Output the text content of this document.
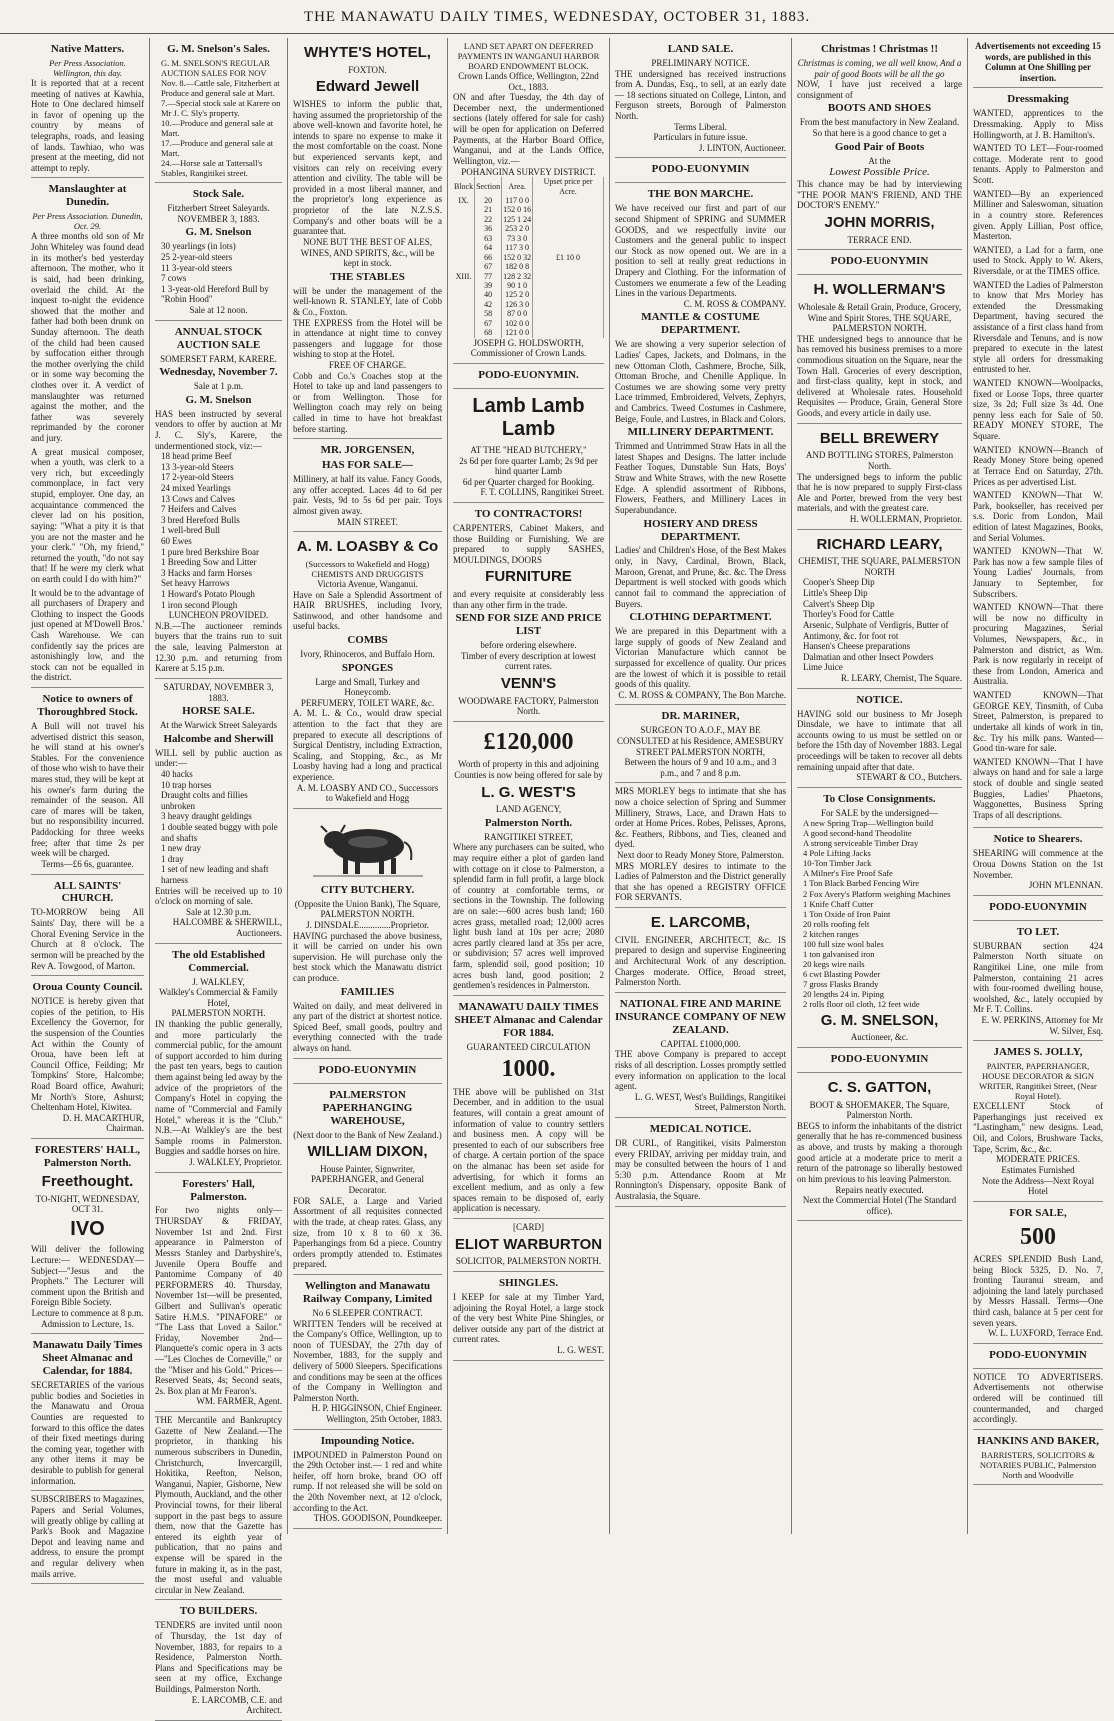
THE MANAWATU DAILY TIMES, WEDNESDAY, OCTOBER 31, 1883.
Native Matters.
Per Press Association. Wellington, this day.
It is reported that at a recent meeting of natives at Kawhia, Hote to One declared himself in favor of opening up the country by means of telegraphs, roads, and leasing of lands. Tawhiao, who was present at the meeting, did not attempt to reply.
Manslaughter at Dunedin.
Per Press Association. Dunedin, Oct. 29.
A three months old son of Mr John Whiteley was found dead in its mother's bed yesterday afternoon. The mother, who it is said, had been drinking, overlaid the child. At the inquest to-night the evidence showed that the mother and father had both been drunk on Sunday afternoon. The death of the child had been caused by suffocation either through the mother overlying the child or in some way becoming the clothes over it. A verdict of manslaughter was returned against the mother, and the father was severely reprimanded by the coroner and jury.
A great musical composer, when a youth, was clerk to a very rich, but exceedingly commonplace, in fact very stupid, employer. One day, an acquaintance commenced the clever lad on his position, saying: "What a pity it is that you are not the master and he your clerk." "Oh, my friend," returned the youth, "do not say that! If he were my clerk what on earth could I do with him?"
It would be to the advantage of all purchasers of Drapery and Clothing to inspect the Goods just opened at M'Dowell Bros.' Cash Warehouse. We can confidently say the prices are astonishingly low, and the stock can not be equalled in the district.
Notice to owners of Thoroughbred Stock.
A Bull will not travel his advertised district this season, he will stand at his owner's Stables. For the convenience of those who wish to have their mares stud, they will be kept at his owner's farm during the remainder of the season. All care of mares will be taken, but no responsibility incurred. Paddocking for three weeks free; after that time 2s per week will be charged.
Terms—£6 6s, guarantee.
ALL SAINTS' CHURCH.
TO-MORROW being All Saints' Day, there will be a Choral Evening Service in the Church at 8 o'clock. The sermon will be preached by the Rev A. Towgood, of Marton.
Oroua County Council.
NOTICE is hereby given that copies of the petition, to His Excellency the Governor, for the suspension of the Counties Act within the County of Oroua, have been left at Council Office, Feilding; Mr Tompkins' Store, Halcombe; Road Board office, Awahuri; Mr North's Store, Ashurst; Cheltenham Hotel, Kiwitea.
D. H. MACARTHUR, Chairman.
FORESTERS' HALL, Palmerston North.
Freethought.
TO-NIGHT, WEDNESDAY, OCT 31.
IVO
Will deliver the following Lecture:— WEDNESDAY—Subject—"Jesus and the Prophets." The Lecturer will comment upon the British and Foreign Bible Society.
Lecture to commence at 8 p.m.
Admission to Lecture, 1s.
Manawatu Daily Times Sheet Almanac and Calendar, for 1884.
SECRETARIES of the various public bodies and Societies in the Manawatu and Oroua Counties are requested to forward to this office the dates of their fixed meetings during the coming year, together with any other items it may be desirable to publish for general information.
SUBSCRIBERS to Magazines, Papers and Serial Volumes, will greatly oblige by calling at Park's Book and Magazine Depot and leaving name and address, to ensure the prompt and regular delivery when mails arrive.
G. M. Snelson's Sales.
G. M. SNELSON'S REGULAR AUCTION SALES FOR NOV
Nov. 8.—Cattle sale, Fitzherbert at Produce and general sale at Mart.
7.—Special stock sale at Karere on Mr J. C. Sly's property.
10.—Produce and general sale at Mart.
17.—Produce and general sale at Mart.
24.—Horse sale at Tattersall's Stables, Rangitikei street.
Stock Sale.
Fitzherbert Street Saleyards.
NOVEMBER 3, 1883.
G. M. Snelson
30 yearlings (in lots)
25 2-year-old steers
11 3-year-old steers
7 cows
1 3-year-old Hereford Bull by "Robin Hood"
Sale at 12 noon.
ANNUAL STOCK AUCTION SALE
SOMERSET FARM, KARERE.
Wednesday, November 7.
Sale at 1 p.m.
G. M. Snelson
HAS been instructed by several vendors to offer by auction at Mr J. C. Sly's, Karere, the undermentioned stock, viz:—
18 head prime Beef
13 3-year-old Steers
17 2-year-old Steers
24 mixed Yearlings
13 Cows and Calves
7 Heifers and Calves
3 bred Hereford Bulls
1 well-bred Bull
60 Ewes
1 pure bred Berkshire Boar
1 Breeding Sow and Litter
3 Hacks and farm Horses
Set heavy Harrows
1 Howard's Potato Plough
1 iron second Plough
LUNCHEON PROVIDED.
N.B.—The auctioneer reminds buyers that the trains run to suit the sale, leaving Palmerston at 12.30 p.m. and returning from Karere at 5.15 p.m.
SATURDAY, NOVEMBER 3, 1883.
HORSE SALE.
At the Warwick Street Saleyards
Halcombe and Sherwill
WILL sell by public auction as under:—
40 hacks
10 trap horses
Draught colts and fillies unbroken
3 heavy draught geldings
1 double seated buggy with pole and shafts
1 new dray
1 dray
1 set of new leading and shaft harness
Entries will be received up to 10 o'clock on morning of sale.
Sale at 12.30 p.m.
HALCOMBE & SHERWILL, Auctioneers.
The old Established Commercial.
J. WALKLEY,
Walkley's Commercial & Family Hotel,
PALMERSTON NORTH.
IN thanking the public generally, and more particularly the commercial public, for the amount of support accorded to him during the past ten years, begs to caution them against being led away by the advice of the proprietors of the Company's Hotel in copying the name of "Commercial and Family Hotel," whereas it is the "Club." N.B.—At Walkley's are the best Sample rooms in Palmerston. Buggies and saddle horses on hire.
J. WALKLEY, Proprietor.
Foresters' Hall, Palmerston.
For two nights only—THURSDAY & FRIDAY, November 1st and 2nd. First appearance in Palmerston of Messrs Stanley and Darbyshire's, Juvenile Opera Bouffe and Pantomime Company of 40 PERFORMERS 40. Thursday, November 1st—will be presented, Gilbert and Sullivan's operatic Satire H.M.S. "PINAFORE" or "The Lass that Loved a Sailor." Friday, November 2nd—Planquette's comic opera in 3 acts—"Les Cloches de Corneville," or the "Miser and his Gold." Prices—Reserved Seats, 4s; Second seats, 2s. Box plan at Mr Fearon's.
WM. FARMER, Agent.
THE Mercantile and Bankruptcy Gazette of New Zealand.—The proprietor, in thanking his numerous subscribers in Dunedin, Christchurch, Invercargill, Hokitika, Reefton, Nelson, Wanganui, Napier, Gisborne, New Plymouth, Auckland, and the other Provincial towns, for their liberal support in the past begs to assure them, now that the Gazette has entered its eighth year of publication, that no pains and expense will be spared in the future in making it, as in the past, the most useful and valuable circular in New Zealand.
TO BUILDERS.
TENDERS are invited until noon of Thursday, the 1st day of November, 1883, for repairs to a Residence, Palmerston North. Plans and Specifications may be seen at my office, Exchange Buildings, Palmerston North.
E. LARCOMB, C.E. and Architect.
WHYTE'S HOTEL,
FOXTON.
Edward Jewell
WISHES to inform the public that, having assumed the proprietorship of the above well-known and favorite hotel, he intends to spare no expense to make it the most comfortable on the coast. None but experienced servants kept, and visitors can rely on receiving every attention and civility. The table will be provided in a most liberal manner, and the proprietor's long experience as proprietor of the late N.Z.S.S. Company's and other boats will be a guarantee that.
NONE BUT THE BEST OF ALES, WINES, AND SPIRITS, &c., will be kept in stock.
THE STABLES
will be under the management of the well-known R. STANLEY, late of Cobb & Co., Foxton.
THE EXPRESS from the Hotel will be in attendance at night time to convey passengers and luggage for those wishing to stop at the Hotel.
FREE OF CHARGE.
Cobb and Co.'s Coaches stop at the Hotel to take up and land passengers to or from Wellington. Those for Wellington coach may rely on being called in time to have hot breakfast before starting.
MR. JORGENSEN,
HAS FOR SALE—
Millinery, at half its value. Fancy Goods, any offer accepted. Laces 4d to 6d per pair. Vests, 9d to 5s 6d per pair. Toys almost given away.
MAIN STREET.
A. M. LOASBY & Co
(Successors to Wakefield and Hogg) CHEMISTS AND DRUGGISTS
Victoria Avenue, Wanganui.
Have on Sale a Splendid Assortment of HAIR BRUSHES, including Ivory, Satinwood, and other handsome and useful backs.
COMBS
Ivory, Rhinoceros, and Buffalo Horn.
SPONGES
Large and Small, Turkey and Honeycomb.
PERFUMERY, TOILET WARE, &c.
A. M. L. & Co., would draw special attention to the fact that they are prepared to execute all descriptions of Surgical Dentistry, including Extraction, Scaling, and Stopping, &c., as Mr Loasby having had a long and practical experience.
A. M. LOASBY AND CO., Successors to Wakefield and Hogg
CITY BUTCHERY.
(Opposite the Union Bank), The Square, PALMERSTON NORTH.
J. DINSDALE..............Proprietor.
HAVING purchased the above business, it will be carried on under his own supervision. He will purchase only the best stock which the Manawatu district can produce.
FAMILIES
Waited on daily, and meat delivered in any part of the district at shortest notice. Spiced Beef, small goods, poultry and everything connected with the trade always on hand.
PODO-EUONYMIN
PALMERSTON PAPERHANGING WAREHOUSE,
(Next door to the Bank of New Zealand.)
WILLIAM DIXON,
House Painter, Signwriter, PAPERHANGER, and General Decorator.
FOR SALE, a Large and Varied Assortment of all requisites connected with the trade, at cheap rates. Glass, any size, from 10 x 8 to 60 x 36. Paperhangings from 6d a piece. Country orders promptly attended to. Estimates prepared.
Wellington and Manawatu Railway Company, Limited
No 6 SLEEPER CONTRACT.
WRITTEN Tenders will be received at the Company's Office, Wellington, up to noon of TUESDAY, the 27th day of November, 1883, for the supply and delivery of 5000 Sleepers. Specifications and conditions may be seen at the offices of the Company in Wellington and Palmerston North.
H. P. HIGGINSON, Chief Engineer. Wellington, 25th October, 1883.
Impounding Notice.
IMPOUNDED in Palmerston Pound on the 29th October inst.— 1 red and white heifer, off horn broke, brand OO off rump. If not released she will be sold on the 20th November next, at 12 o'clock, according to the Act.
THOS. GOODISON, Poundkeeper.
LAND SET APART ON DEFERRED PAYMENTS IN WANGANUI HARBOR BOARD ENDOWMENT BLOCK.
Crown Lands Office, Wellington, 22nd Oct., 1883.
ON and after Tuesday, the 4th day of December next, the undermentioned sections (lately offered for sale for cash) will be open for application on Deferred Payments, at the Harbor Board Office, Wanganui, and at the Lands Office, Wellington, viz.—
POHANGINA SURVEY DISTRICT.
Block	Section	Area.	Upset price per Acre.
IX.	20	117 0 0	
	21	152 0 16	
	22	125 1 24	
	36	253 2 0	
	63	73 3 0	
	64	117 3 0	
	66	152 0 32	£1 10 0
	67	182 0 8	
XIII.	77	128 2 32	
	39	90 1 0	
	40	125 2 0	
	42	126 3 0	
	58	87 0 0	
	67	102 0 0	
	68	121 0 0	
JOSEPH G. HOLDSWORTH, Commissioner of Crown Lands.
PODO-EUONYMIN.
Lamb Lamb Lamb
AT THE "HEAD BUTCHERY,"
2s 6d per fore quarter Lamb; 2s 9d per hind quarter Lamb
6d per Quarter charged for Booking.
F. T. COLLINS, Rangitikei Street.
TO CONTRACTORS!
CARPENTERS, Cabinet Makers, and those Building or Furnishing. We are prepared to supply SASHES, MOULDINGS, DOORS
FURNITURE
and every requisite at considerably less than any other firm in the trade.
SEND FOR SIZE AND PRICE LIST
before ordering elsewhere.
Timber of every description at lowest current rates.
VENN'S
WOODWARE FACTORY, Palmerston North.
£120,000
Worth of property in this and adjoining Counties is now being offered for sale by
L. G. WEST'S
LAND AGENCY,
Palmerston North.
RANGITIKEI STREET,
Where any purchasers can be suited, who may require either a plot of garden land with cottage on it close to Palmerston, a splendid farm in full profit, a large block of country at comfortable terms, or sections in the Township. The following are on sale:—600 acres bush land; 160 acres grass, metalled road; 12,000 acres light bush land at 10s per acre; 2080 acres partly cleared land at 35s per acre, or subdivision; 57 acres well improved farm, splendid soil, good position; 10 acres bush land, good position; 2 gentlemen's residences in Palmerston.
MANAWATU DAILY TIMES SHEET Almanac and Calendar FOR 1884.
GUARANTEED CIRCULATION
1000.
THE above will be published on 31st December, and in addition to the usual features, will contain a great amount of information of value to country settlers and business men. A copy will be presented to each of our subscribers free of charge. A certain portion of the space on the almanac has been set aside for advertising, for which it forms an excellent medium, and as only a few spaces remain to be disposed of, early application is necessary.
[CARD]
ELIOT WARBURTON
SOLICITOR, PALMERSTON NORTH.
SHINGLES.
I KEEP for sale at my Timber Yard, adjoining the Royal Hotel, a large stock of the very best White Pine Shingles, or deliver outside any part of the district at current rates.
L. G. WEST.
LAND SALE.
PRELIMINARY NOTICE.
THE undersigned has received instructions from A. Dundas, Esq., to sell, at an early date— 18 sections situated on College, Linton, and Ferguson streets, Borough of Palmerston North.
Terms Liberal.
Particulars in future issue.
J. LINTON, Auctioneer.
PODO-EUONYMIN
THE BON MARCHE.
We have received our first and part of our second Shipment of SPRING and SUMMER GOODS, and we respectfully invite our Customers and the general public to inspect our Stock as now opened out. We are in a position to sell at really great reductions in Drapery and Clothing. For the information of Customers we enumerate a few of the Leading Lines in the various Departments.
C. M. ROSS & COMPANY.
MANTLE & COSTUME DEPARTMENT.
We are showing a very superior selection of Ladies' Capes, Jackets, and Dolmans, in the new Ottoman Cloth, Cashmere, Broche, Silk, Ottoman Broche, and Chenille Applique. In Costumes we are showing some very pretty Lace trimmed, Embroidered, Velvets, Zephyrs, and Cambrics. Tweed Costumes in Cashmere, Beige, Foule, and Lustres, in Black and Colors.
MILLINERY DEPARTMENT.
Trimmed and Untrimmed Straw Hats in all the latest Shapes and Designs. The latter include Feather Toques, Dunstable Sun Hats, Boys' Straw and White Straws, with the new Rosette Edge. A splendid assortment of Ribbons, Flowers, Feathers, and Millinery Laces in Superabundance.
HOSIERY AND DRESS DEPARTMENT.
Ladies' and Children's Hose, of the Best Makes only, in Navy, Cardinal, Brown, Black, Maroon, Grenat, and Prune, &c. &c. The Dress Department is well stocked with goods which cannot fail to command the appreciation of Buyers.
CLOTHING DEPARTMENT.
We are prepared in this Department with a large supply of goods of New Zealand and Victorian Manufacture which cannot be surpassed for excellence of quality. Our prices are the lowest of which it is possible to retail goods of this quality.
C. M. ROSS & COMPANY, The Bon Marche.
DR. MARINER,
SURGEON TO A.O.F., MAY BE CONSULTED at his Residence, AMESBURY STREET PALMERSTON NORTH,
Between the hours of 9 and 10 a.m., and 3 p.m., and 7 and 8 p.m.
MRS MORLEY begs to intimate that she has now a choice selection of Spring and Summer Millinery, Straws, Lace, and Drawn Hats to order at Home Prices. Robes, Pelisses, Aprons, &c. Feathers, Ribbons, and Ties, cleaned and dyed.
Next door to Ready Money Store, Palmerston.
MRS MORLEY desires to intimate to the Ladies of Palmerston and the District generally that she has opened a REGISTRY OFFICE FOR SERVANTS.
E. LARCOMB,
CIVIL ENGINEER, ARCHITECT, &c. IS prepared to design and supervise Engineering and Architectural Work of any description. Charges moderate. Office, Broad street, Palmerston North.
NATIONAL FIRE AND MARINE INSURANCE COMPANY OF NEW ZEALAND.
CAPITAL £1000,000.
THE above Company is prepared to accept risks of all description. Losses promptly settled every information on application to the local agent.
L. G. WEST, West's Buildings, Rangitikei Street, Palmerston North.
MEDICAL NOTICE.
DR CURL, of Rangitikei, visits Palmerston every FRIDAY, arriving per midday train, and may be consulted between the hours of 1 and 5:30 p.m. Attendance Room at Mr Ronnington's Dispensary, opposite Bank of Australasia, the Square.
Christmas ! Christmas !!
Christmas is coming, we all well know, And a pair of good Boots will be all the go
NOW, I have just received a large consignment of
BOOTS AND SHOES
From the best manufactory in New Zealand.
So that here is a good chance to get a
Good Pair of Boots
At the
Lowest Possible Price.
This chance may be had by interviewing "THE POOR MAN'S FRIEND, AND THE DOCTOR'S ENEMY."
JOHN MORRIS,
TERRACE END.
PODO-EUONYMIN
H. WOLLERMAN'S
Wholesale & Retail Grain, Produce, Grocery, Wine and Spirit Stores, THE SQUARE, PALMERSTON NORTH.
THE undersigned begs to announce that he has removed his business premises to a more commodious situation on the Square, near the Town Hall. Groceries of every description, and first-class quality, kept in stock, and delivered at Wholesale rates. Household Requisites — Produce, Grain, General Store Goods, and every article in daily use.
BELL BREWERY
AND BOTTLING STORES, Palmerston North.
The undersigned begs to inform the public that he is now prepared to supply First-class Ale and Porter, brewed from the very best materials, and with the greatest care.
H. WOLLERMAN, Proprietor.
RICHARD LEARY,
CHEMIST, THE SQUARE, PALMERSTON NORTH
Cooper's Sheep Dip
Little's Sheep Dip
Calvert's Sheep Dip
Thorley's Food for Cattle
Arsenic, Sulphate of Verdigris, Butter of Antimony, &c. for foot rot
Hansen's Cheese preparations
Dalmatian and other Insect Powders
Lime Juice
R. LEARY, Chemist, The Square.
NOTICE.
HAVING sold our business to Mr Joseph Dinsdale, we have to intimate that all accounts owing to us must be settled on or before the 15th day of November 1883. Legal proceedings will be taken to recover all debts remaining unpaid after that date.
STEWART & CO., Butchers.
To Close Consignments.
For SALE by the undersigned—
A new Spring Trap—Wellington build
A good second-hand Theodolite
A strong serviceable Timber Dray
4 Pole Lifting Jacks
10-Ton Timber Jack
A Milner's Fire Proof Safe
1 Ton Black Barbed Fencing Wire
2 Fox Avery's Platform weighing Machines
1 Knife Chaff Cutter
1 Ton Oxide of Iron Paint
20 rolls roofing felt
2 kitchen ranges
100 full size wool bales
1 ton galvanised iron
20 kegs wire nails
6 cwt Blasting Powder
7 gross Flasks Brandy
20 lengths 24 in. Piping
2 rolls floor oil cloth, 12 feet wide
G. M. SNELSON,
Auctioneer, &c.
PODO-EUONYMIN
C. S. GATTON,
BOOT & SHOEMAKER, The Square, Palmerston North.
BEGS to inform the inhabitants of the district generally that he has re-commenced business as above, and trusts by making a thorough good article at a moderate price to merit a return of the patronage so liberally bestowed on him previous to his leaving Palmerston.
Repairs neatly executed.
Next the Commercial Hotel (The Standard office).
Advertisements not exceeding 15 words, are published in this Column at One Shilling per insertion.
Dressmaking
WANTED, apprentices to the Dressmaking. Apply to Miss Hollingworth, at J. B. Hamilton's.
WANTED TO LET—Four-roomed cottage. Moderate rent to good tenants. Apply to Palmerston and Scott.
WANTED—By an experienced Milliner and Saleswoman, situation in a country store. References given. Apply Lillian, Post office, Masterton.
WANTED, a Lad for a farm, one used to Stock. Apply to W. Akers, Riversdale, or at the TIMES office.
WANTED the Ladies of Palmerston to know that Mrs Morley has extended the Dressmaking Department, having secured the assistance of a first class hand from Riversdale and Tenuns, and is now prepared to execute in the latest style all orders for dressmaking entrusted to her.
WANTED KNOWN—Woolpacks, fixed or Loose Tops, three quarter size, 3s 2d; Full size 3s 4d. One penny less each for Sale of 50. READY MONEY STORE, The Square.
WANTED KNOWN—Branch of Ready Money Store being opened at Terrace End on Saturday, 27th. Prices as per advertised List.
WANTED KNOWN—That W. Park, bookseller, has received per s.s. Doric from London, Mail edition of latest Magazines, Books, and Serial Volumes.
WANTED KNOWN—That W. Park has now a few sample files of Young Ladies' Journals, from January to September, for Subscribers.
WANTED KNOWN—That there will be now no difficulty in procuring Magazines, Serial Volumes, Newspapers, &c., in Palmerston and district, as Wm. Park is now regularly in receipt of these from London, America and Australia.
WANTED KNOWN—That GEORGE KEY, Tinsmith, of Cuba Street, Palmerston, is prepared to undertake all kinds of work in tin, &c. Try his milk pans. Wanted—Good tin-ware for sale.
WANTED KNOWN—That I have always on hand and for sale a large stock of double and single seated Buggies, Ladies' Phaetons, Waggonettes, Business Spring Traps of all descriptions.
Notice to Shearers.
SHEARING will commence at the Oroua Downs Station on the 1st November.
JOHN M'LENNAN.
PODO-EUONYMIN
TO LET.
SUBURBAN section 424 Palmerston North situate on Rangitikei Line, one mile from Palmerston, containing 21 acres with four-roomed dwelling house, woolshed, &c., lately occupied by Mr F. T. Collins.
E. W. PERKINS, Attorney for Mr W. Silver, Esq.
JAMES S. JOLLY,
PAINTER, PAPERHANGER, HOUSE DECORATOR & SIGN WRITER, Rangitikei Street, (Near Royal Hotel).
EXCELLENT Stock of Paperhangings just received ex "Lastingham," new designs. Lead, Oil, and Colors, Brushware Tacks, Tape, Scrim, &c., &c.
MODERATE PRICES.
Estimates Furnished
Note the Address—Next Royal Hotel
FOR SALE,
500
ACRES SPLENDID Bush Land, being Block 5325, D. No. 7, fronting Tauranui stream, and adjoining the land lately purchased by Messrs Hassall. Terms—One third cash, balance at 5 per cent for seven years.
W. L. LUXFORD, Terrace End.
PODO-EUONYMIN
NOTICE TO ADVERTISERS. Advertisements not otherwise ordered will be continued till countermanded, and charged accordingly.
HANKINS AND BAKER,
BARRISTERS, SOLICITORS & NOTARIES PUBLIC, Palmerston North and Woodville
